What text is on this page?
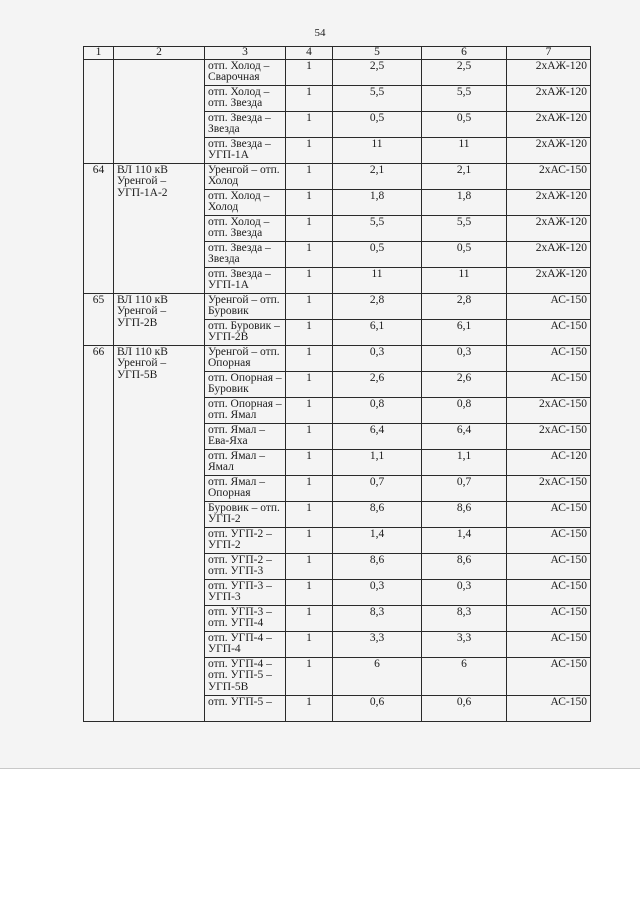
54
1	2	3	4	5	6	7
		отп. Холод – Сварочная	1	2,5	2,5	2хАЖ-120
		отп. Холод – отп. Звезда	1	5,5	5,5	2хАЖ-120
		отп. Звезда – Звезда	1	0,5	0,5	2хАЖ-120
		отп. Звезда – УГП-1А	1	11	11	2хАЖ-120
64	ВЛ 110 кВ Уренгой – УГП-1А-2	Уренгой – отп. Холод	1	2,1	2,1	2хАС-150
		отп. Холод – Холод	1	1,8	1,8	2хАЖ-120
		отп. Холод – отп. Звезда	1	5,5	5,5	2хАЖ-120
		отп. Звезда – Звезда	1	0,5	0,5	2хАЖ-120
		отп. Звезда – УГП-1А	1	11	11	2хАЖ-120
65	ВЛ 110 кВ Уренгой – УГП-2В	Уренгой – отп. Буровик	1	2,8	2,8	АС-150
		отп. Буровик – УГП-2В	1	6,1	6,1	АС-150
66	ВЛ 110 кВ Уренгой – УГП-5В	Уренгой – отп. Опорная	1	0,3	0,3	АС-150
		отп. Опорная – Буровик	1	2,6	2,6	АС-150
		отп. Опорная – отп. Ямал	1	0,8	0,8	2хАС-150
		отп. Ямал – Ева-Яха	1	6,4	6,4	2хАС-150
		отп. Ямал – Ямал	1	1,1	1,1	АС-120
		отп. Ямал – Опорная	1	0,7	0,7	2хАС-150
		Буровик – отп. УГП-2	1	8,6	8,6	АС-150
		отп. УГП-2 – УГП-2	1	1,4	1,4	АС-150
		отп. УГП-2 – отп. УГП-3	1	8,6	8,6	АС-150
		отп. УГП-3 – УГП-3	1	0,3	0,3	АС-150
		отп. УГП-3 – отп. УГП-4	1	8,3	8,3	АС-150
		отп. УГП-4 – УГП-4	1	3,3	3,3	АС-150
		отп. УГП-4 – отп. УГП-5 – УГП-5В	1	6	6	АС-150
		отп. УГП-5 –	1	0,6	0,6	АС-150
